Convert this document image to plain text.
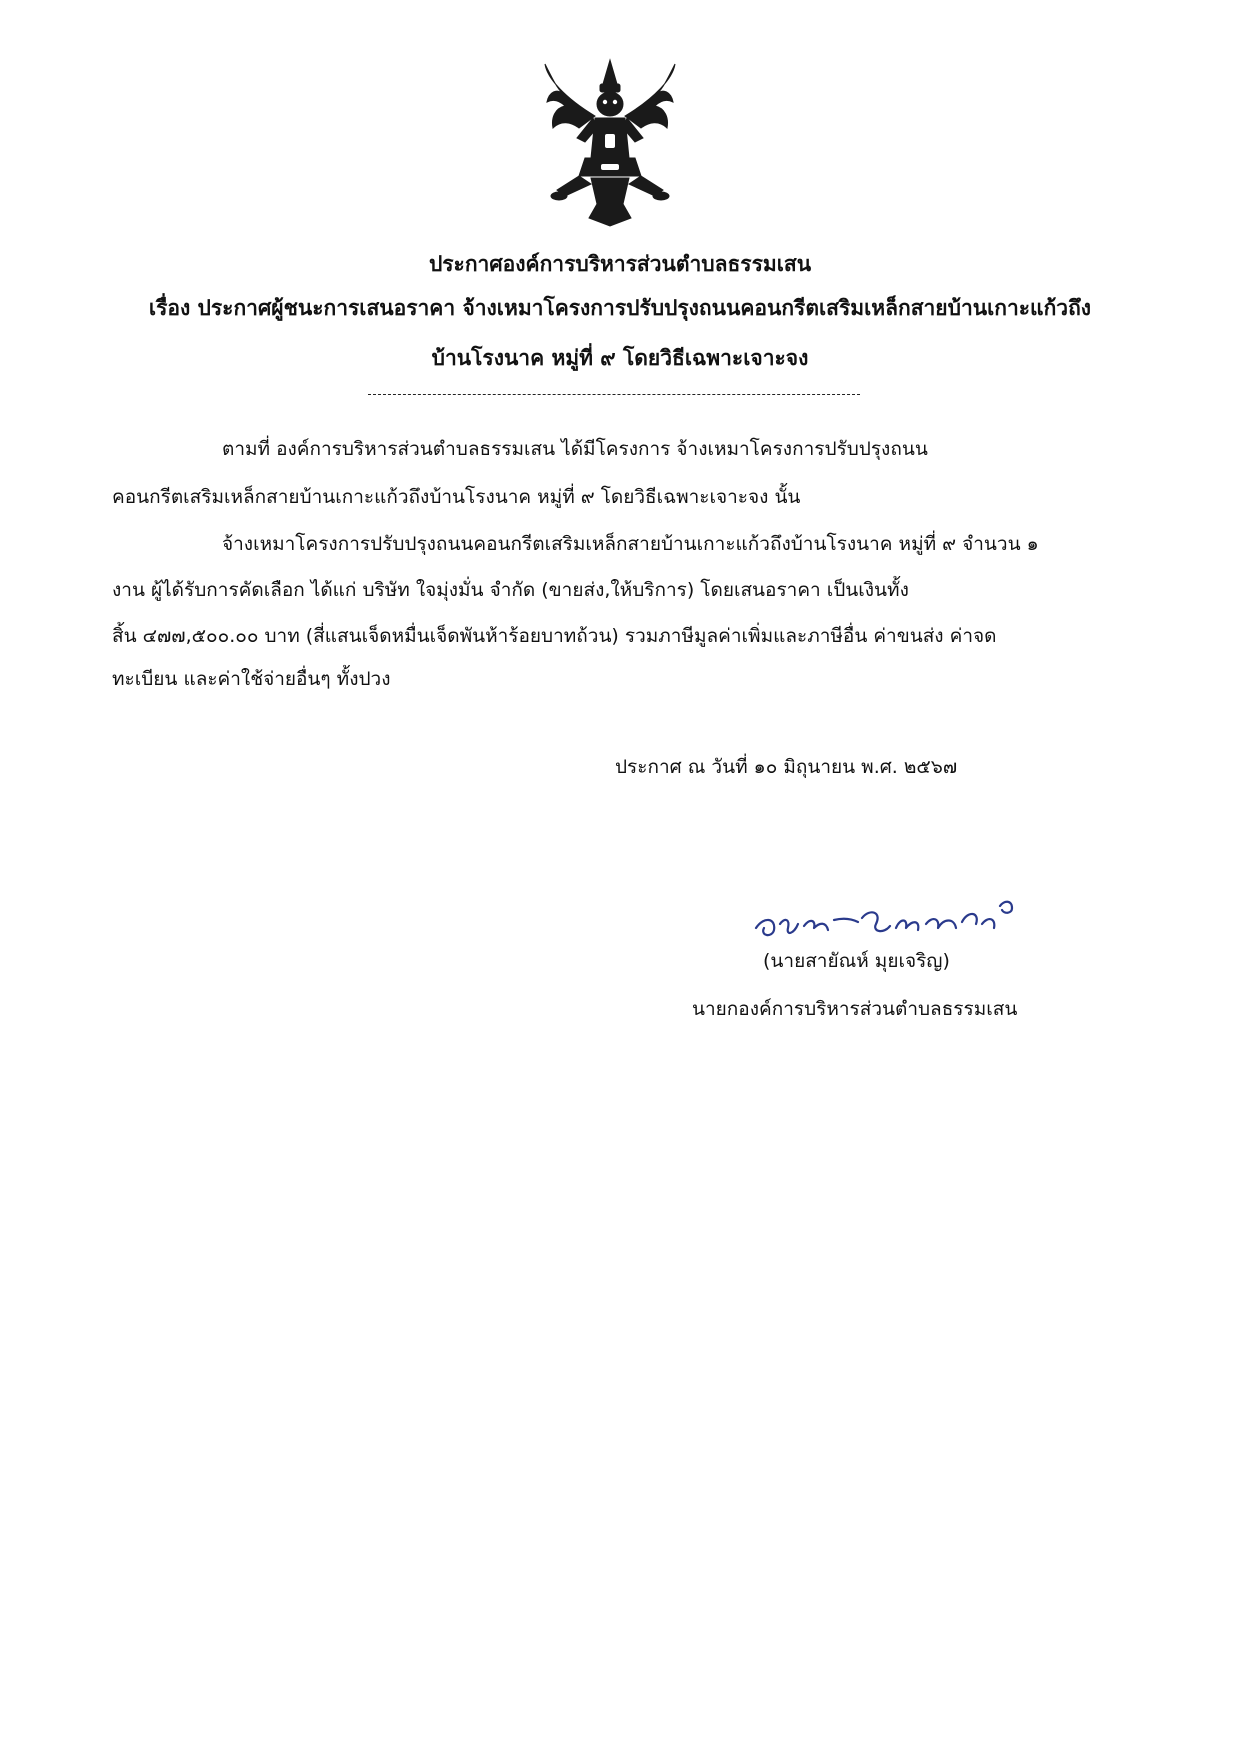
ประกาศองค์การบริหารส่วนตำบลธรรมเสน
เรื่อง ประกาศผู้ชนะการเสนอราคา จ้างเหมาโครงการปรับปรุงถนนคอนกรีตเสริมเหล็กสายบ้านเกาะแก้วถึง
บ้านโรงนาค หมู่ที่ ๙ โดยวิธีเฉพาะเจาะจง
ตามที่ องค์การบริหารส่วนตำบลธรรมเสน ได้มีโครงการ จ้างเหมาโครงการปรับปรุงถนน
คอนกรีตเสริมเหล็กสายบ้านเกาะแก้วถึงบ้านโรงนาค หมู่ที่ ๙ โดยวิธีเฉพาะเจาะจง นั้น
จ้างเหมาโครงการปรับปรุงถนนคอนกรีตเสริมเหล็กสายบ้านเกาะแก้วถึงบ้านโรงนาค หมู่ที่ ๙ จำนวน ๑
งาน ผู้ได้รับการคัดเลือก ได้แก่ บริษัท ใจมุ่งมั่น จำกัด (ขายส่ง,ให้บริการ) โดยเสนอราคา เป็นเงินทั้ง
สิ้น ๔๗๗,๕๐๐.๐๐ บาท (สี่แสนเจ็ดหมื่นเจ็ดพันห้าร้อยบาทถ้วน) รวมภาษีมูลค่าเพิ่มและภาษีอื่น ค่าขนส่ง ค่าจด
ทะเบียน และค่าใช้จ่ายอื่นๆ ทั้งปวง
ประกาศ ณ วันที่ ๑๐ มิถุนายน พ.ศ. ๒๕๖๗
(นายสายัณห์ มุยเจริญ)
นายกองค์การบริหารส่วนตำบลธรรมเสน
